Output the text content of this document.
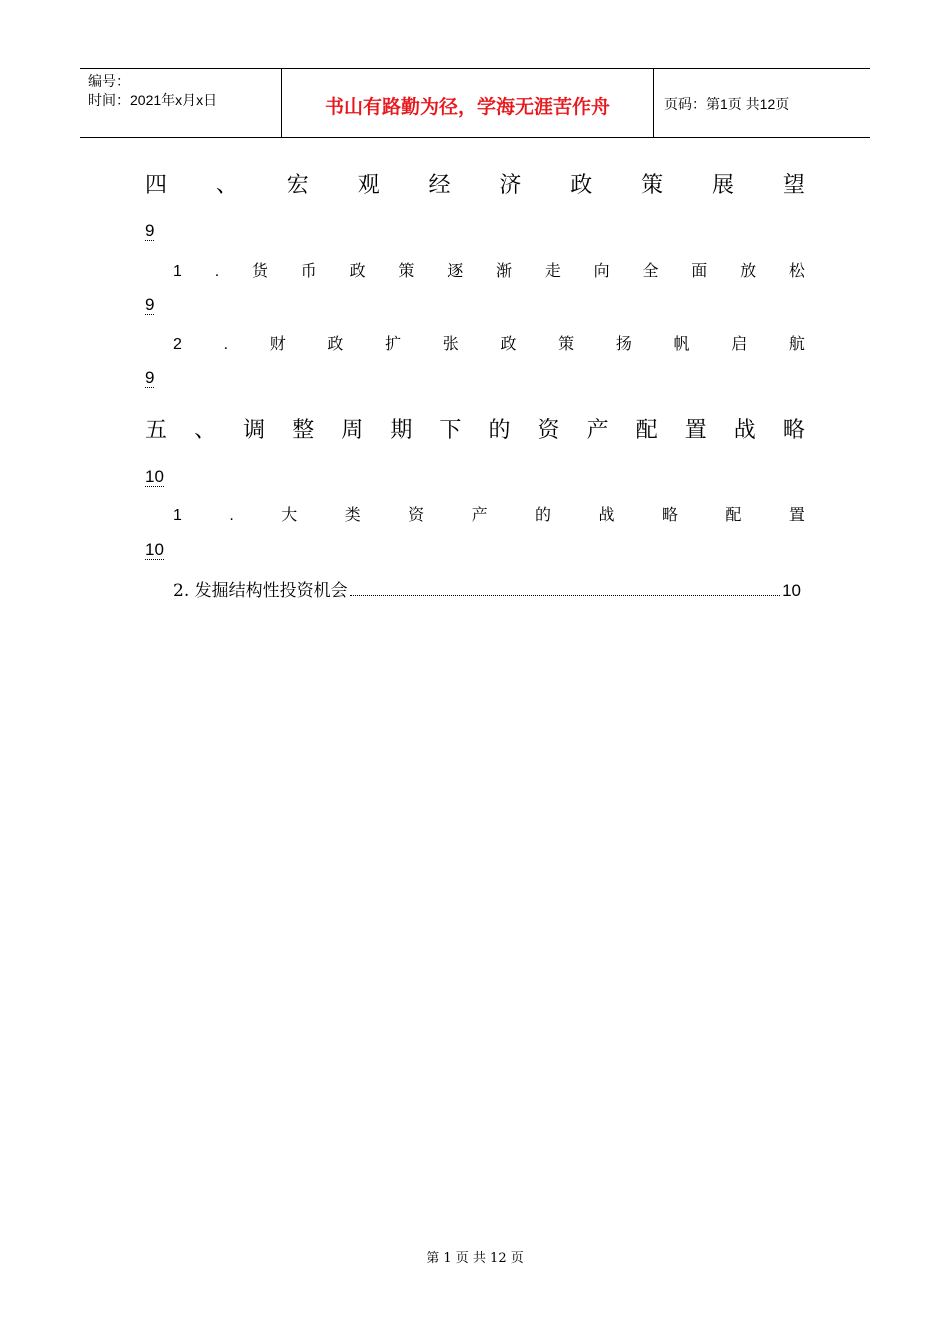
编号：
时间：2021年x月x日	书山有路勤为径，学海无涯苦作舟	页码：第1页 共12页
四 、 宏 观 经 济 政 策 展 望
9
1 . 货 币 政 策 逐 渐 走 向 全 面 放 松
9
2	.	财	政	扩	张	政	策	扬	帆	启	航
9
五 、 调 整 周 期 下 的 资 产 配 置 战 略
10
1	.	大	类	资	产	的	战	略	配	置
10
2. 发掘结构性投资机会	10
第 1 页 共 12 页
